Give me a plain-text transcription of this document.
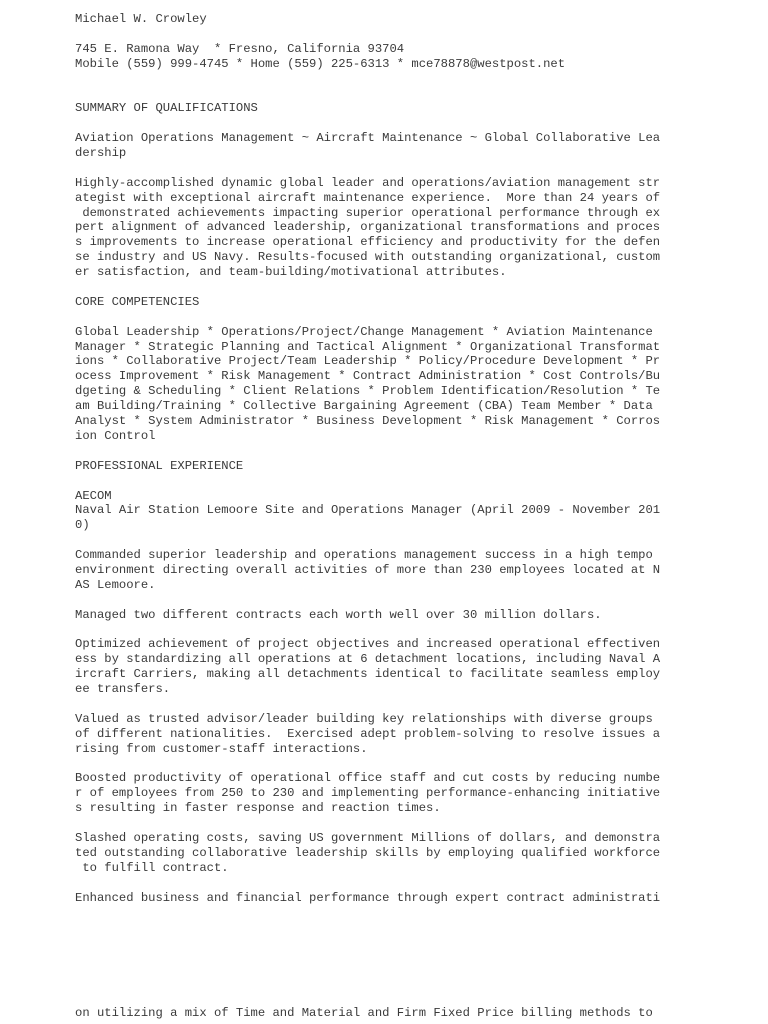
Michael W. Crowley
745 E. Ramona Way  * Fresno, California 93704
Mobile (559) 999-4745 * Home (559) 225-6313 * mce78878@westpost.net
SUMMARY OF QUALIFICATIONS
Aviation Operations Management ~ Aircraft Maintenance ~ Global Collaborative Lea
dership
Highly-accomplished dynamic global leader and operations/aviation management str
ategist with exceptional aircraft maintenance experience.  More than 24 years of
demonstrated achievements impacting superior operational performance through ex
pert alignment of advanced leadership, organizational transformations and proces
s improvements to increase operational efficiency and productivity for the defen
se industry and US Navy. Results-focused with outstanding organizational, custom
er satisfaction, and team-building/motivational attributes.
CORE COMPETENCIES
Global Leadership * Operations/Project/Change Management * Aviation Maintenance
Manager * Strategic Planning and Tactical Alignment * Organizational Transformat
ions * Collaborative Project/Team Leadership * Policy/Procedure Development * Pr
ocess Improvement * Risk Management * Contract Administration * Cost Controls/Bu
dgeting & Scheduling * Client Relations * Problem Identification/Resolution * Te
am Building/Training * Collective Bargaining Agreement (CBA) Team Member * Data
Analyst * System Administrator * Business Development * Risk Management * Corros
ion Control
PROFESSIONAL EXPERIENCE
AECOM
Naval Air Station Lemoore Site and Operations Manager (April 2009 - November 201
0)
Commanded superior leadership and operations management success in a high tempo
environment directing overall activities of more than 230 employees located at N
AS Lemoore.
Managed two different contracts each worth well over 30 million dollars.
Optimized achievement of project objectives and increased operational effectiven
ess by standardizing all operations at 6 detachment locations, including Naval A
ircraft Carriers, making all detachments identical to facilitate seamless employ
ee transfers.
Valued as trusted advisor/leader building key relationships with diverse groups
of different nationalities.  Exercised adept problem-solving to resolve issues a
rising from customer-staff interactions.
Boosted productivity of operational office staff and cut costs by reducing numbe
r of employees from 250 to 230 and implementing performance-enhancing initiative
s resulting in faster response and reaction times.
Slashed operating costs, saving US government Millions of dollars, and demonstra
ted outstanding collaborative leadership skills by employing qualified workforce
to fulfill contract.
Enhanced business and financial performance through expert contract administrati
on utilizing a mix of Time and Material and Firm Fixed Price billing methods to
